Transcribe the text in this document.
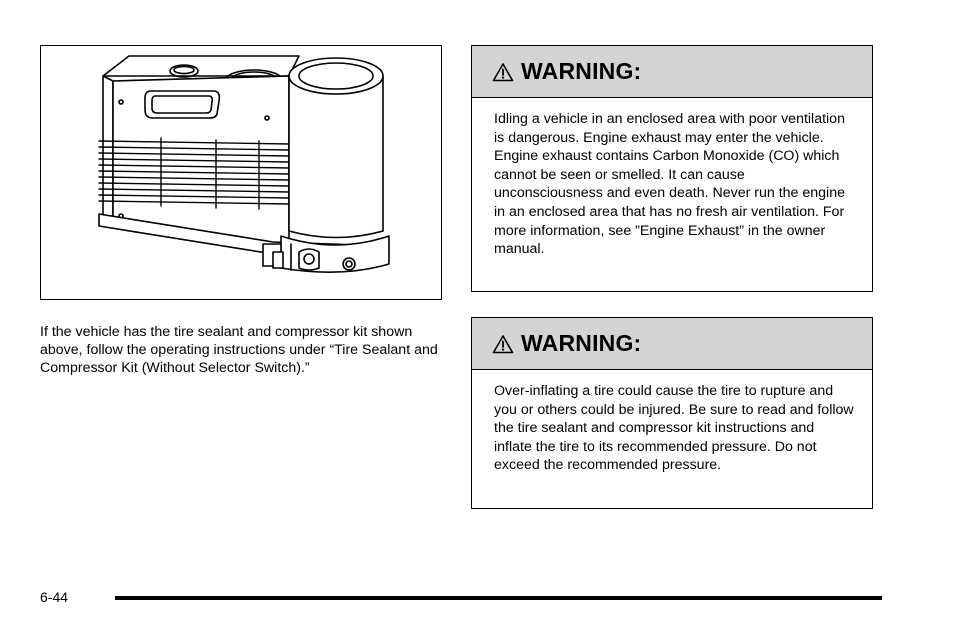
If the vehicle has the tire sealant and compressor kit shown above, follow the operating instructions under “Tire Sealant and Compressor Kit (Without Selector Switch).”

WARNING:

Idling a vehicle in an enclosed area with poor ventilation is dangerous. Engine exhaust may enter the vehicle. Engine exhaust contains Carbon Monoxide (CO) which cannot be seen or smelled. It can cause unconsciousness and even death. Never run the engine in an enclosed area that has no fresh air ventilation. For more information, see ”Engine Exhaust” in the owner manual.

WARNING:

Over-inflating a tire could cause the tire to rupture and you or others could be injured. Be sure to read and follow the tire sealant and compressor kit instructions and inflate the tire to its recommended pressure. Do not exceed the recommended pressure.

6-44
